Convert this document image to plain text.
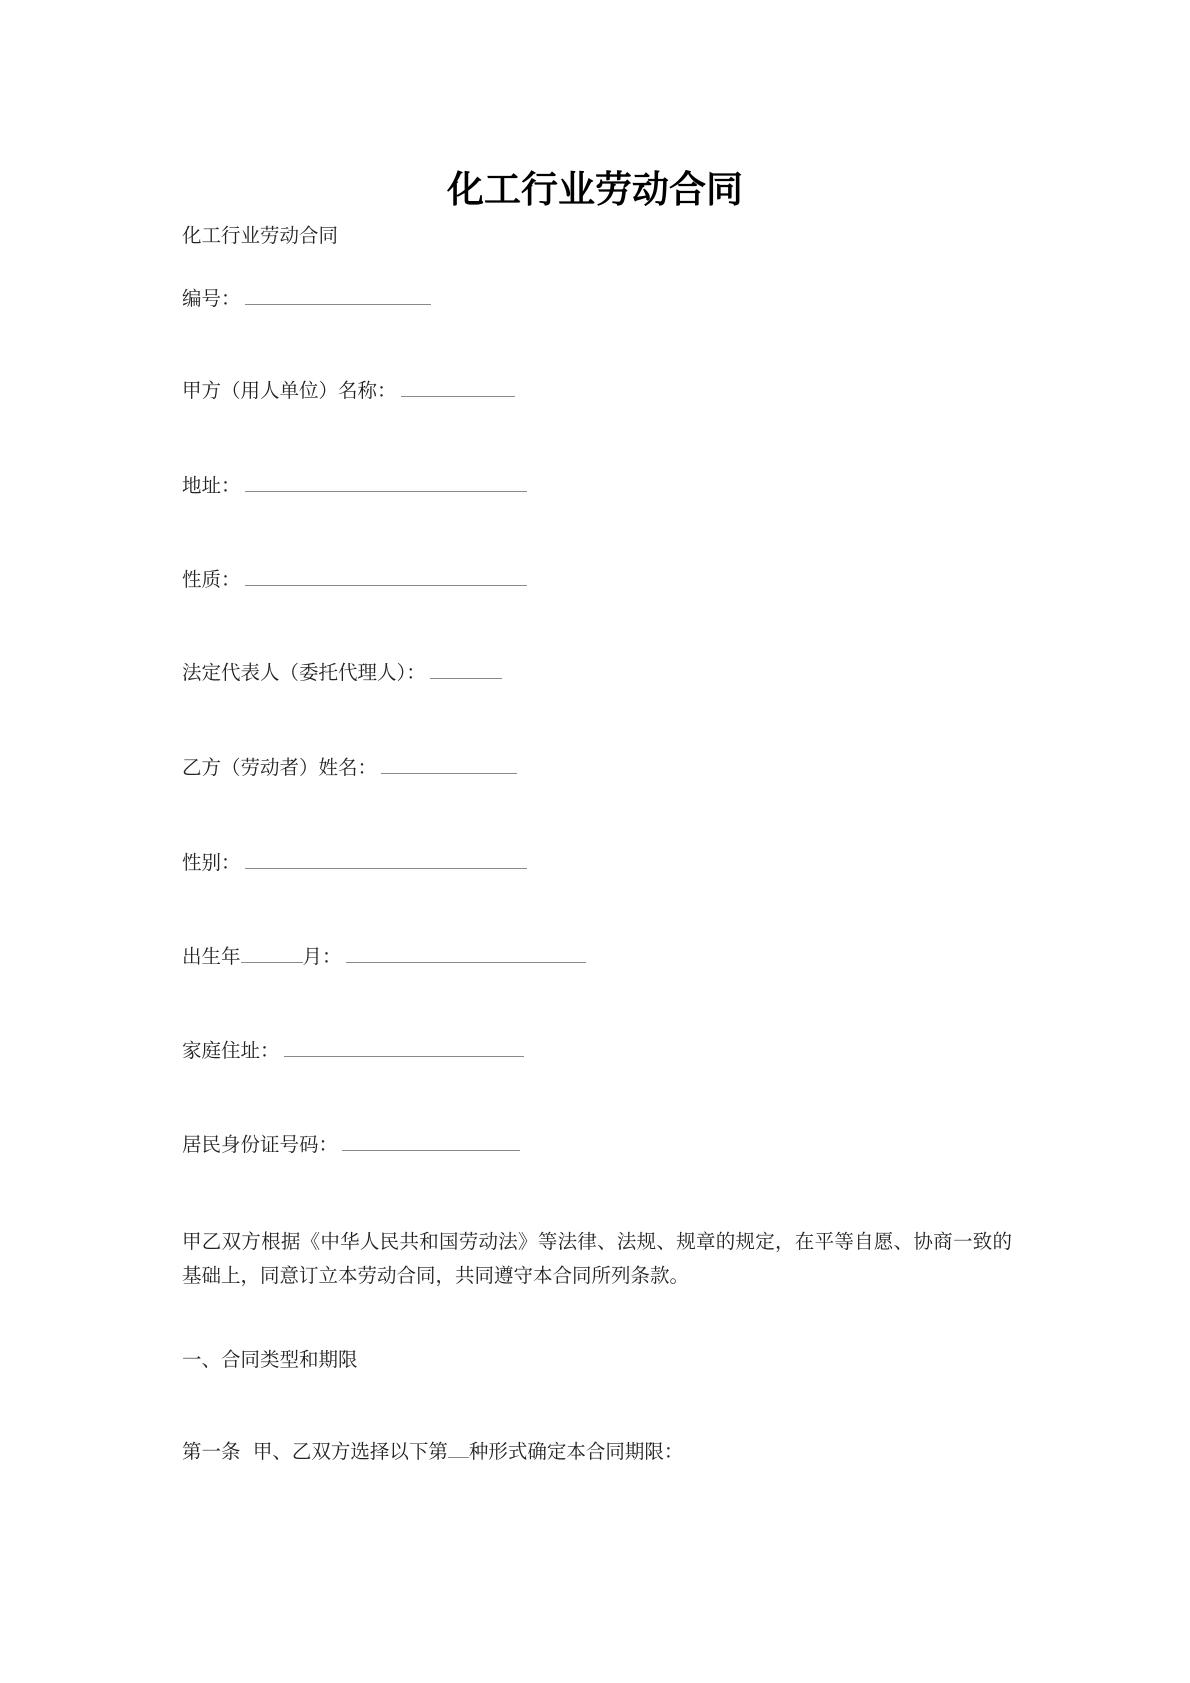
化工行业劳动合同
化工行业劳动合同
编号：
甲方（用人单位）名称：
地址：
性质：
法定代表人（委托代理人）：
乙方（劳动者）姓名：
性别：
出生年	月：
家庭住址：
居民身份证号码：
甲乙双方根据《中华人民共和国劳动法》等法律、法规、规章的规定，在平等自愿、协商一致的基础上，同意订立本劳动合同，共同遵守本合同所列条款。
一、合同类型和期限
第一条  甲、乙双方选择以下第 种形式确定本合同期限：
